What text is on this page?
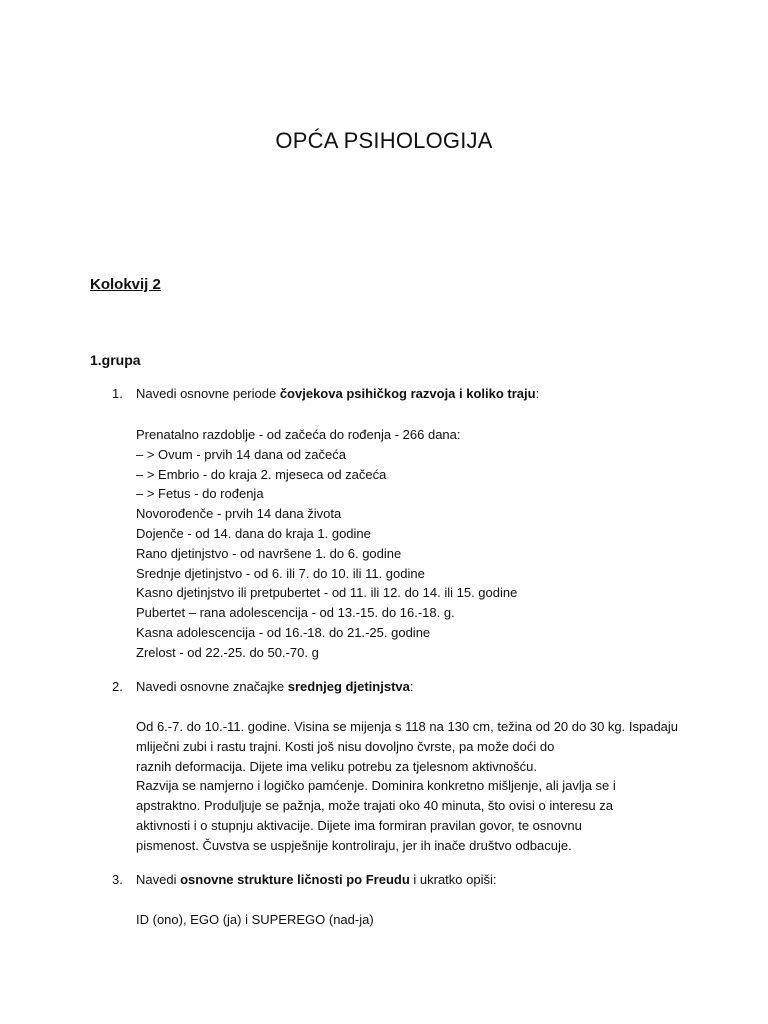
OPĆA PSIHOLOGIJA
Kolokvij 2
1.grupa
1. Navedi osnovne periode čovjekova psihičkog razvoja i koliko traju:
Prenatalno razdoblje - od začeća do rođenja - 266 dana:
– > Ovum - prvih 14 dana od začeća
– > Embrio - do kraja 2. mjeseca od začeća
– > Fetus - do rođenja
Novorođenče - prvih 14 dana života
Dojenče - od 14. dana do kraja 1. godine
Rano djetinjstvo - od navršene 1. do 6. godine
Srednje djetinjstvo - od 6. ili 7. do 10. ili 11. godine
Kasno djetinjstvo ili pretpubertet - od 11. ili 12. do 14. ili 15. godine
Pubertet – rana adolescencija - od 13.-15. do 16.-18. g.
Kasna adolescencija - od 16.-18. do 21.-25. godine
Zrelost - od 22.-25. do 50.-70. g
2. Navedi osnovne značajke srednjeg djetinjstva:
Od 6.-7. do 10.-11. godine. Visina se mijenja s 118 na 130 cm, težina od 20 do 30 kg. Ispadaju
mliječni zubi i rastu trajni. Kosti još nisu dovoljno čvrste, pa može doći do
raznih deformacija. Dijete ima veliku potrebu za tjelesnom aktivnošću.
Razvija se namjerno i logičko pamćenje. Dominira konkretno mišljenje, ali javlja se i
apstraktno. Produljuje se pažnja, može trajati oko 40 minuta, što ovisi o interesu za
aktivnosti i o stupnju aktivacije. Dijete ima formiran pravilan govor, te osnovnu
pismenost. Čuvstva se uspješnije kontroliraju, jer ih inače društvo odbacuje.
3. Navedi osnovne strukture ličnosti po Freudu i ukratko opiši:
ID (ono), EGO (ja) i SUPEREGO (nad-ja)
